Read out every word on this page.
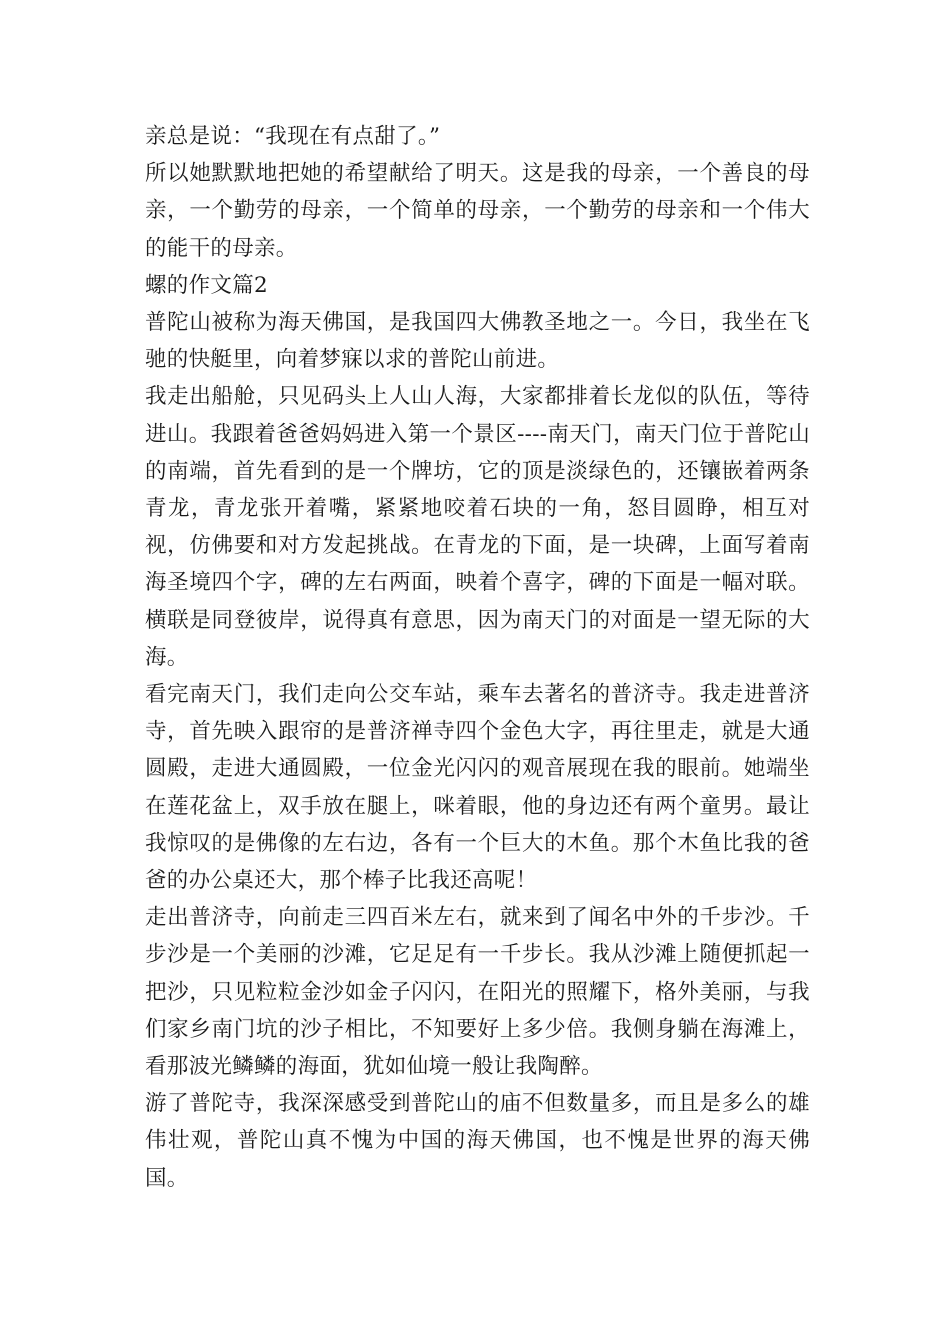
亲总是说：“我现在有点甜了。”

所以她默默地把她的希望献给了明天。这是我的母亲，一个善良的母亲，一个勤劳的母亲，一个简单的母亲，一个勤劳的母亲和一个伟大的能干的母亲。

螺的作文篇2

普陀山被称为海天佛国，是我国四大佛教圣地之一。今日，我坐在飞驰的快艇里，向着梦寐以求的普陀山前进。

我走出船舱，只见码头上人山人海，大家都排着长龙似的队伍，等待进山。我跟着爸爸妈妈进入第一个景区----南天门，南天门位于普陀山的南端，首先看到的是一个牌坊，它的顶是淡绿色的，还镶嵌着两条青龙，青龙张开着嘴，紧紧地咬着石块的一角，怒目圆睁，相互对视，仿佛要和对方发起挑战。在青龙的下面，是一块碑，上面写着南海圣境四个字，碑的左右两面，映着个喜字，碑的下面是一幅对联。横联是同登彼岸，说得真有意思，因为南天门的对面是一望无际的大海。

看完南天门，我们走向公交车站，乘车去著名的普济寺。我走进普济寺，首先映入跟帘的是普济禅寺四个金色大字，再往里走，就是大通圆殿，走进大通圆殿，一位金光闪闪的观音展现在我的眼前。她端坐在莲花盆上，双手放在腿上，咪着眼，他的身边还有两个童男。最让我惊叹的是佛像的左右边，各有一个巨大的木鱼。那个木鱼比我的爸爸的办公桌还大，那个棒子比我还高呢！

走出普济寺，向前走三四百米左右，就来到了闻名中外的千步沙。千步沙是一个美丽的沙滩，它足足有一千步长。我从沙滩上随便抓起一把沙，只见粒粒金沙如金子闪闪，在阳光的照耀下，格外美丽，与我们家乡南门坑的沙子相比，不知要好上多少倍。我侧身躺在海滩上，看那波光鳞鳞的海面，犹如仙境一般让我陶醉。

游了普陀寺，我深深感受到普陀山的庙不但数量多，而且是多么的雄伟壮观，普陀山真不愧为中国的海天佛国，也不愧是世界的海天佛国。
